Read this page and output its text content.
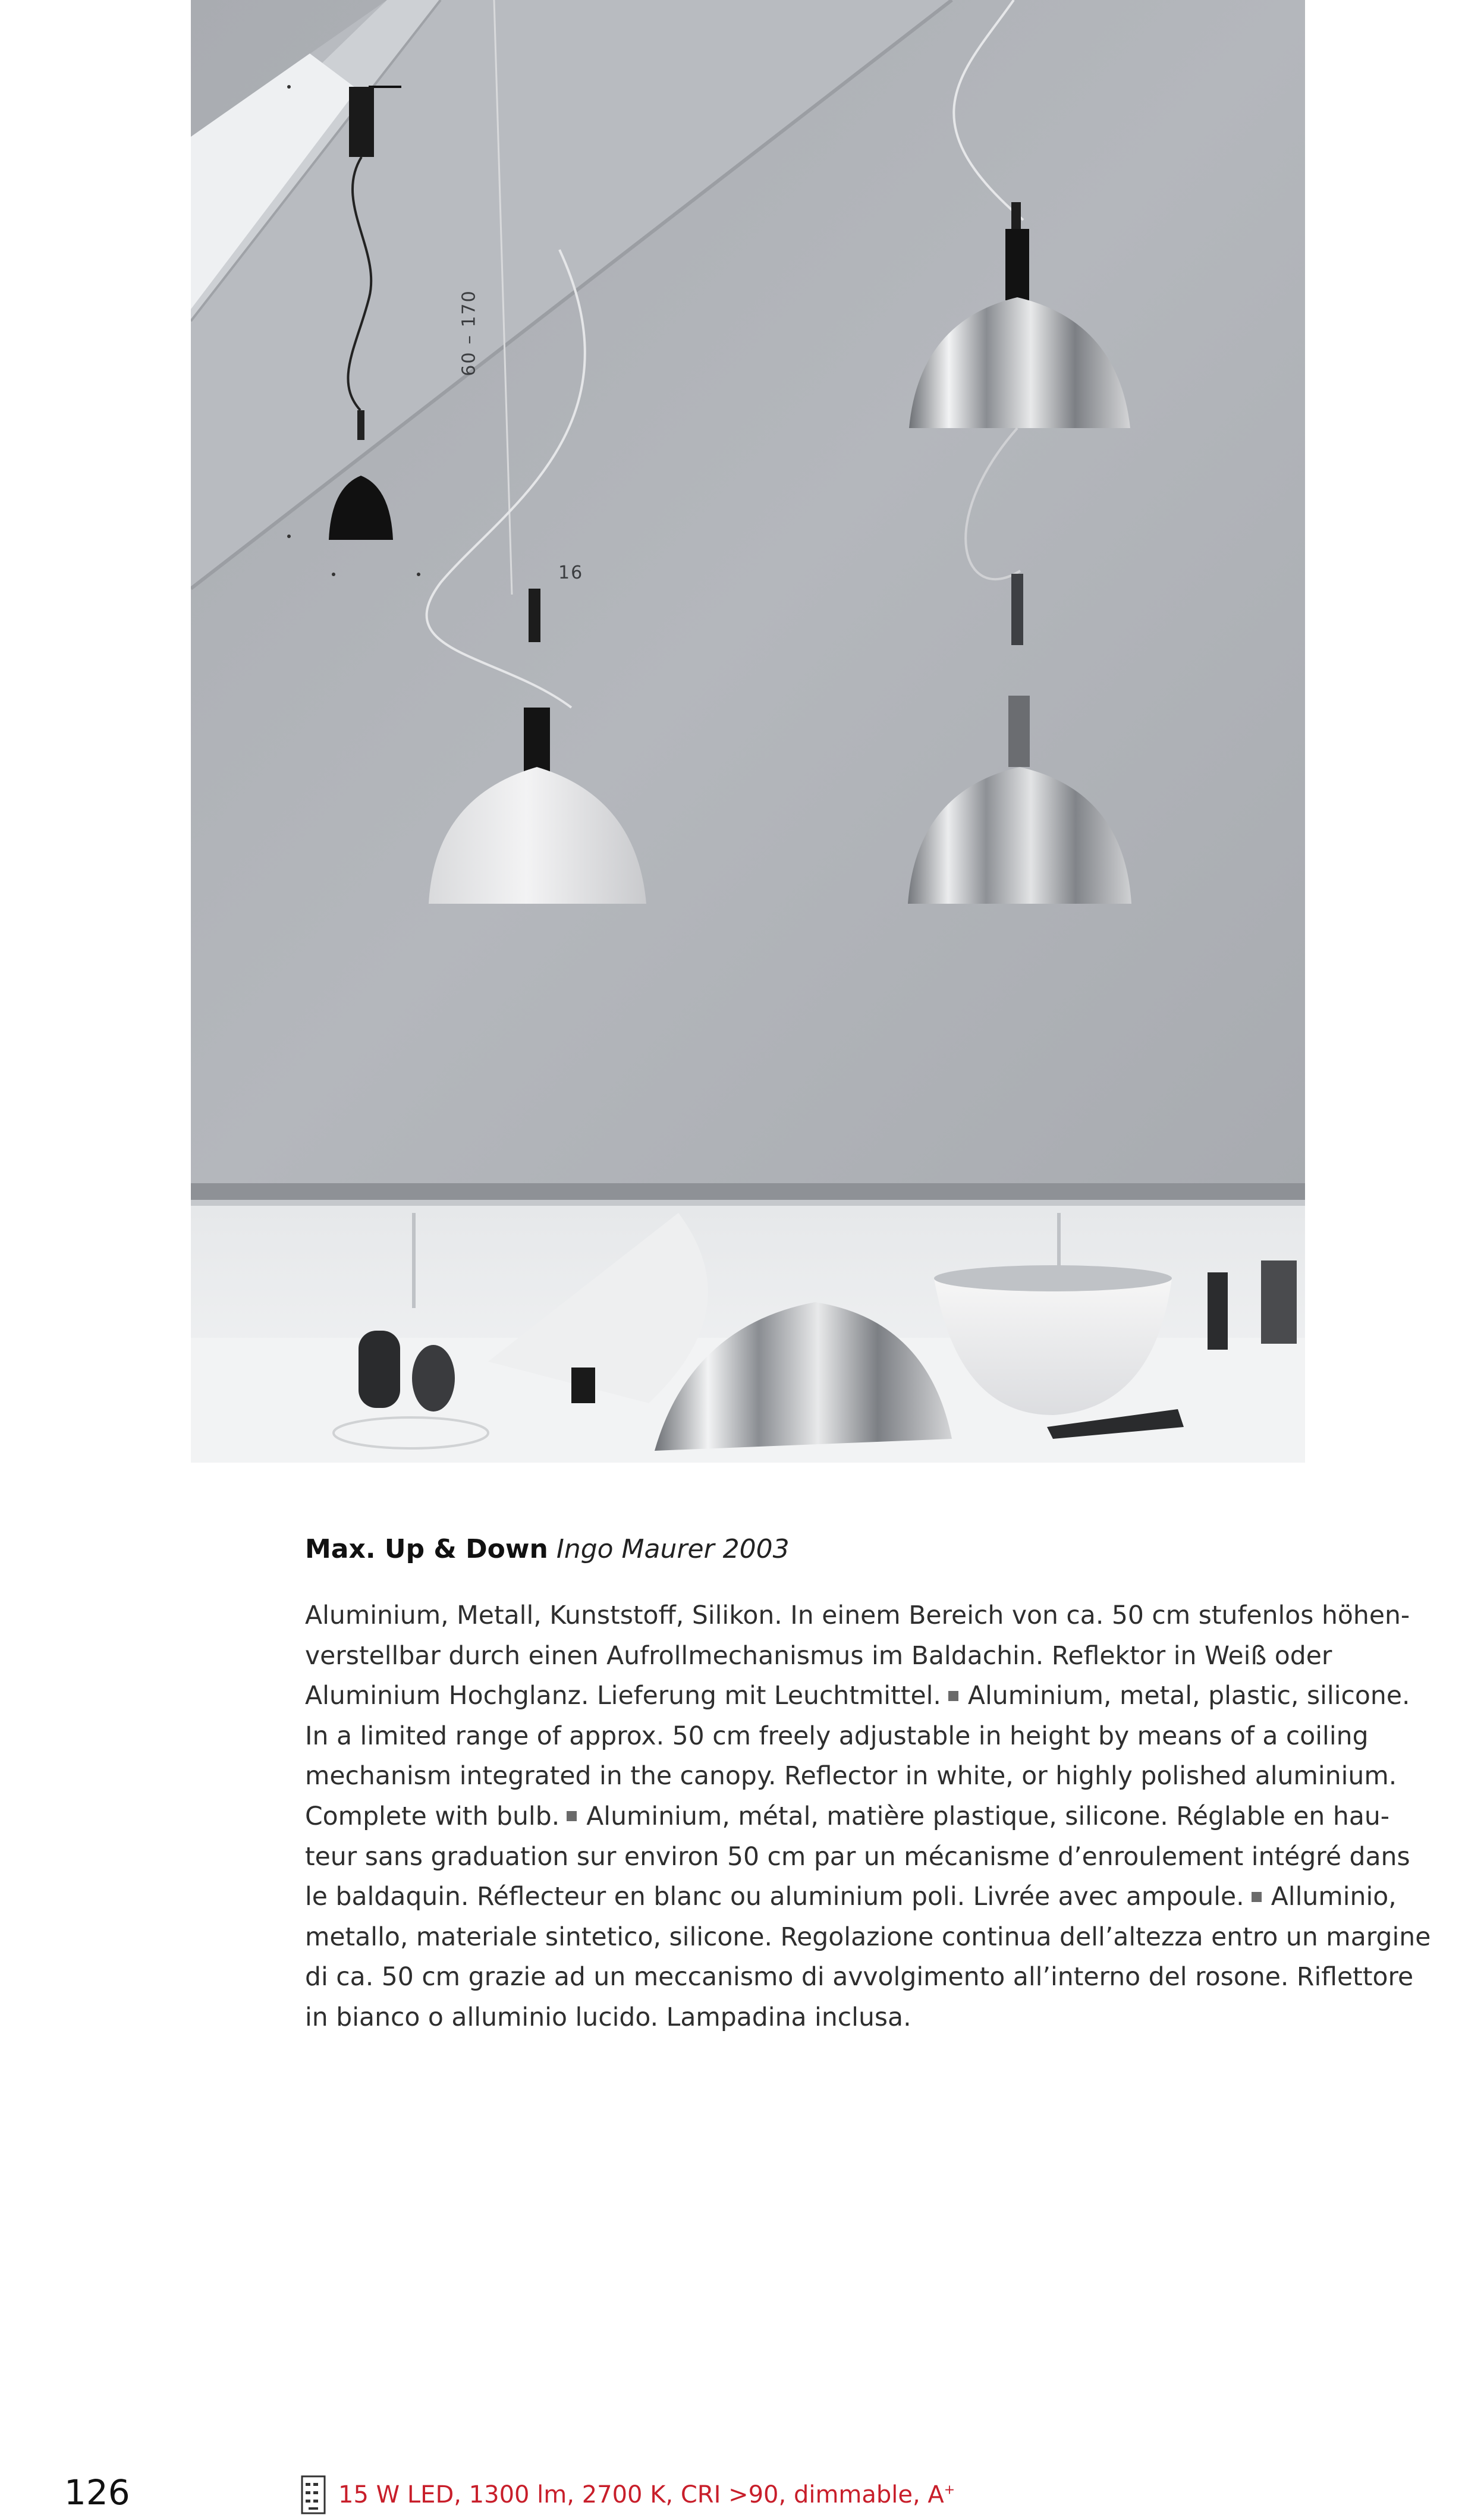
60 – 170
16
Max. Up & Down Ingo Maurer 2003
Aluminium, Metall, Kunststoff, Silikon. In einem Bereich von ca. 50 cm stufenlos höhen-
verstellbar durch einen Aufrollmechanismus im Baldachin. Reflektor in Weiß oder
Aluminium Hochglanz. Lieferung mit Leuchtmittel. Aluminium, metal, plastic, silicone.
In a limited range of approx. 50 cm freely adjustable in height by means of a coiling
mechanism integrated in the canopy. Reflector in white, or highly polished aluminium.
Complete with bulb. Aluminium, métal, matière plastique, silicone. Réglable en hau-
teur sans graduation sur environ 50 cm par un mécanisme d’enroulement intégré dans
le baldaquin. Réflecteur en blanc ou aluminium poli. Livrée avec ampoule. Alluminio,
metallo, materiale sintetico, silicone. Regolazione continua dell’altezza entro un margine
di ca. 50 cm grazie ad un meccanismo di avvolgimento all’interno del rosone. Riflettore
in bianco o alluminio lucido. Lampadina inclusa.
126	15 W LED, 1300 lm, 2700 K, CRI >90, dimmable, A+
